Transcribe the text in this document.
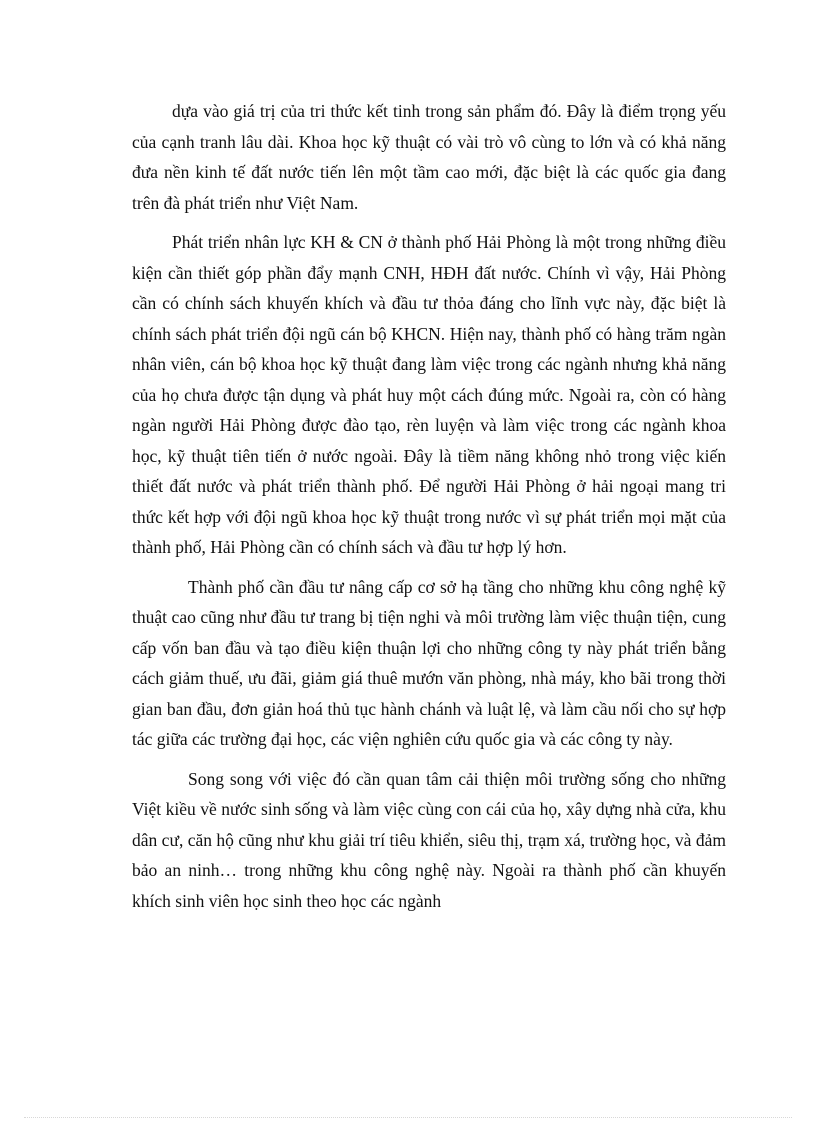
dựa vào giá trị của tri thức kết tinh trong sản phẩm đó. Đây là điểm trọng yếu của cạnh tranh lâu dài. Khoa học kỹ thuật có vài trò vô cùng to lớn và có khả năng đưa nền kinh tế đất nước tiến lên một tầm cao mới, đặc biệt là các quốc gia đang trên đà phát triển như Việt Nam.

Phát triển nhân lực KH & CN ở thành phố Hải Phòng là một trong những điều kiện cần thiết góp phần đẩy mạnh CNH, HĐH đất nước. Chính vì vậy, Hải Phòng cần có chính sách khuyến khích và đầu tư thỏa đáng cho lĩnh vực này, đặc biệt là chính sách phát triển đội ngũ cán bộ KHCN. Hiện nay, thành phố có hàng trăm ngàn nhân viên, cán bộ khoa học kỹ thuật đang làm việc trong các ngành nhưng khả năng của họ chưa được tận dụng và phát huy một cách đúng mức. Ngoài ra, còn có hàng ngàn người Hải Phòng được đào tạo, rèn luyện và làm việc trong các ngành khoa học, kỹ thuật tiên tiến ở nước ngoài. Đây là tiềm năng không nhỏ trong việc kiến thiết đất nước và phát triển thành phố. Để người Hải Phòng ở hải ngoại mang tri thức kết hợp với đội ngũ khoa học kỹ thuật trong nước vì sự phát triển mọi mặt của thành phố, Hải Phòng cần có chính sách và đầu tư hợp lý hơn.

Thành phố cần đầu tư nâng cấp cơ sở hạ tầng cho những khu công nghệ kỹ thuật cao cũng như đầu tư trang bị tiện nghi và môi trường làm việc thuận tiện, cung cấp vốn ban đầu và tạo điều kiện thuận lợi cho những công ty này phát triển bằng cách giảm thuế, ưu đãi, giảm giá thuê mướn văn phòng, nhà máy, kho bãi trong thời gian ban đầu, đơn giản hoá thủ tục hành chánh và luật lệ, và làm cầu nối cho sự hợp tác giữa các trường đại học, các viện nghiên cứu quốc gia và các công ty này.

Song song với việc đó cần quan tâm cải thiện môi trường sống cho những Việt kiều về nước sinh sống và làm việc cùng con cái của họ, xây dựng nhà cửa, khu dân cư, căn hộ cũng như khu giải trí tiêu khiển, siêu thị, trạm xá, trường học, và đảm bảo an ninh… trong những khu công nghệ này. Ngoài ra thành phố cần khuyến khích sinh viên học sinh theo học các ngành
